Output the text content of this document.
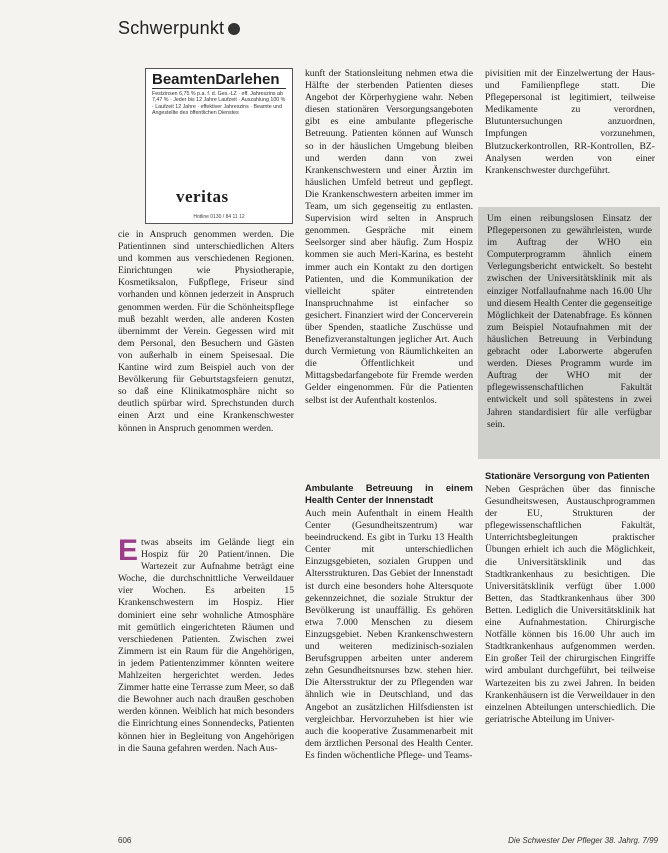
Schwerpunkt
BeamtenDarlehen
Festzinsen 6,75 % p.a. f. d. Ges.-LZ · eff. Jahreszins ab 7,47 % · Jeder bis 12 Jahre Laufzeit · Auszahlung 100 % · Laufzeit 12 Jahre · effektiver Jahreszins · Beamte und Angestellte des öffentlichen Dienstes
veritas
Hotline 0130 / 84 11 12

cie in Anspruch genommen werden. Die Patientinnen sind unterschiedlichen Alters und kommen aus verschiedenen Regionen. Einrichtungen wie Physiotherapie, Kosmetiksalon, Fußpflege, Friseur sind vorhanden und können jederzeit in Anspruch genommen werden. Für die Schönheitspflege muß bezahlt werden, alle anderen Kosten übernimmt der Verein. Gegessen wird mit dem Personal, den Besuchern und Gästen von außerhalb in einem Speisesaal. Die Kantine wird zum Beispiel auch von der Bevölkerung für Geburtstagsfeiern genutzt, so daß eine Klinikatmosphäre nicht so deutlich spürbar wird. Sprechstunden durch einen Arzt und eine Krankenschwester können in Anspruch genommen werden.

E twas abseits im Gelände liegt ein Hospiz für 20 Patient/innen. Die Wartezeit zur Aufnahme beträgt eine Woche, die durchschnittliche Verweildauer vier Wochen. Es arbeiten 15 Krankenschwestern im Hospiz. Hier dominiert eine sehr wohnliche Atmosphäre mit gemütlich eingerichteten Räumen und verschiedenen Patienten. Zwischen zwei Zimmern ist ein Raum für die Angehörigen, in jedem Patientenzimmer könnten weitere Mahlzeiten hergerichtet werden. Jedes Zimmer hatte eine Terrasse zum Meer, so daß die Bewohner auch nach draußen geschoben werden können. Weiblich hat mich besonders die Einrichtung eines Sonnendecks, Patienten können hier in Begleitung von Angehörigen in die Sauna gefahren werden. Nach Aus-

kunft der Stationsleitung nehmen etwa die Hälfte der sterbenden Patienten dieses Angebot der Körperhygiene wahr. Neben diesen stationären Versorgungsangeboten gibt es eine ambulante pflegerische Betreuung. Patienten können auf Wunsch so in der häuslichen Umgebung bleiben und werden dann von zwei Krankenschwestern und einer Ärztin im häuslichen Umfeld betreut und gepflegt. Die Krankenschwestern arbeiten immer im Team, um sich gegenseitig zu entlasten. Supervision wird selten in Anspruch genommen. Gespräche mit einem Seelsorger sind aber häufig. Zum Hospiz kommen sie auch Meri-Karina, es besteht immer auch ein Kontakt zu den dortigen Patienten, und die Kommunikation der vielleicht später eintretenden Inanspruchnahme ist einfacher so gesichert. Finanziert wird der Concerverein über Spenden, staatliche Zuschüsse und Benefizveranstaltungen jeglicher Art. Auch durch Vermietung von Räumlichkeiten an die Öffentlichkeit und Mittagsbedarfangebote für Fremde werden Gelder eingenommen. Für die Patienten selbst ist der Aufenthalt kostenlos.

Ambulante Betreuung in einem Health Center der Innenstadt

Auch mein Aufenthalt in einem Health Center (Gesundheitszentrum) war beeindruckend. Es gibt in Turku 13 Health Center mit unterschiedlichen Einzugsgebieten, sozialen Gruppen und Altersstrukturen. Das Gebiet der Innenstadt ist durch eine besonders hohe Altersquote gekennzeichnet, die soziale Struktur der Bevölkerung ist unauffällig. Es gehören etwa 7.000 Menschen zu diesem Einzugsgebiet. Neben Krankenschwestern und weiteren medizinisch-sozialen Berufsgruppen arbeiten unter anderem zehn Gesundheitsnurses bzw. stehen hier. Die Altersstruktur der zu Pflegenden war ähnlich wie in Deutschland, und das Angebot an zusätzlichen Hilfsdiensten ist vergleichbar. Hervorzuheben ist hier wie auch die kooperative Zusammenarbeit mit dem ärztlichen Personal des Health Center. Es finden wöchentliche Pflege- und Teams-

pivisitien mit der Einzelwertung der Haus- und Familienpflege statt. Die Pflegepersonal ist legitimiert, teilweise Medikamente zu verordnen, Blutuntersuchungen anzuordnen, Impfungen vorzunehmen, Blutzuckerkontrollen, RR-Kontrollen, BZ-Analysen werden von einer Krankenschwester durchgeführt.

Um einen reibungslosen Einsatz der Pflegepersonen zu gewährleisten, wurde im Auftrag der WHO ein Computerprogramm ähnlich einem Verlegungsbericht entwickelt. So besteht zwischen der Universitätsklinik mit als einziger Notfallaufnahme nach 16.00 Uhr und diesem Health Center die gegenseitige Möglichkeit der Datenabfrage. Es können zum Beispiel Notaufnahmen mit der häuslichen Betreuung in Verbindung gebracht oder Laborwerte abgerufen werden. Dieses Programm wurde im Auftrag der WHO mit der pflegewissenschaftlichen Fakultät entwickelt und soll spätestens in zwei Jahren standardisiert für alle verfügbar sein.
Stationäre Versorgung von Patienten

Neben Gesprächen über das finnische Gesundheitswesen, Austauschprogrammen der EU, Strukturen der pflegewissenschaftlichen Fakultät, Unterrichtsbegleitungen praktischer Übungen erhielt ich auch die Möglichkeit, die Universitätsklinik und das Stadtkrankenhaus zu besichtigen. Die Universitätsklinik verfügt über 1.000 Betten, das Stadtkrankenhaus über 300 Betten. Lediglich die Universitätsklinik hat eine Aufnahmestation. Chirurgische Notfälle können bis 16.00 Uhr auch im Stadtkrankenhaus aufgenommen werden. Ein großer Teil der chirurgischen Eingriffe wird ambulant durchgeführt, bei teilweise Wartezeiten bis zu zwei Jahren. In beiden Krankenhäusern ist die Verweildauer in den einzelnen Abteilungen unterschiedlich. Die geriatrische Abteilung im Univer-

606	Die Schwester Der Pfleger 38. Jahrg. 7/99
